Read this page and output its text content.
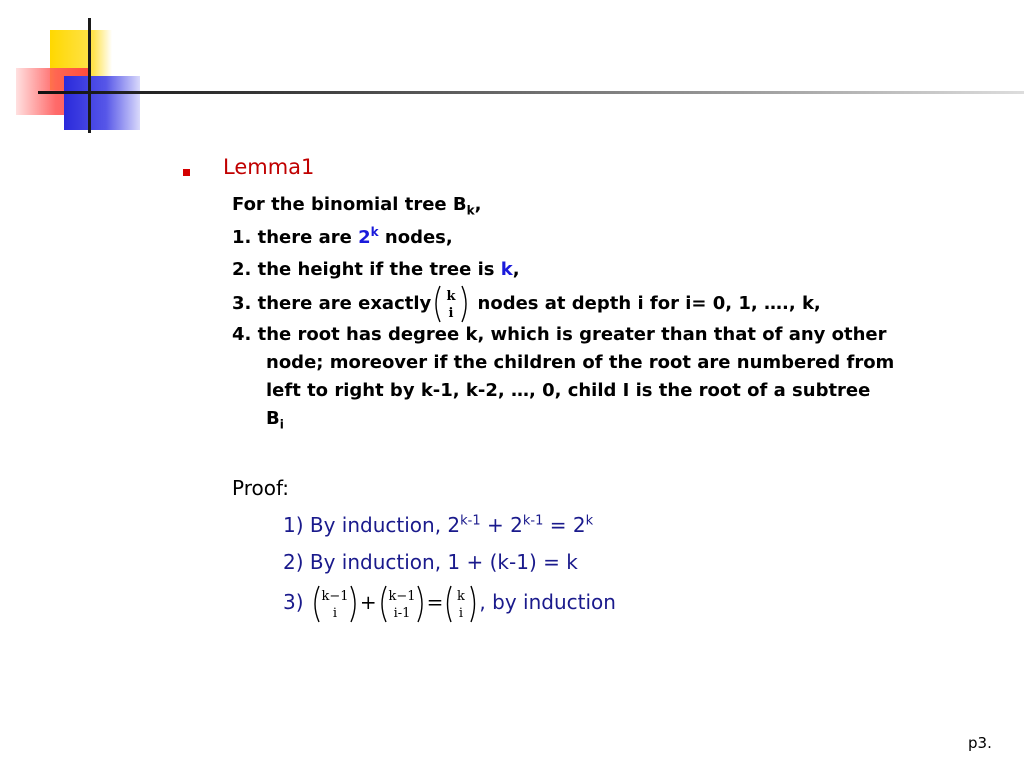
Lemma1
For the binomial tree $B_k$,
1. there are 2$^k$ nodes,
2. the height if the tree is k,
3. there are exactly k
i nodes at depth i for i= 0, 1, …., k,
4. the root has degree k, which is greater than that of any other
node; moreover if the children of the root are numbered from
left to right by k-1, k-2, …, 0, child I is the root of a subtree
$B_i$
Proof:
1) By induction, $2^{k-1} + 2^{k-1} = 2^k$
2) By induction, 1 + (k-1) = k
3) k−1
i + k−1
i-1 = k
i , by induction
p3.
